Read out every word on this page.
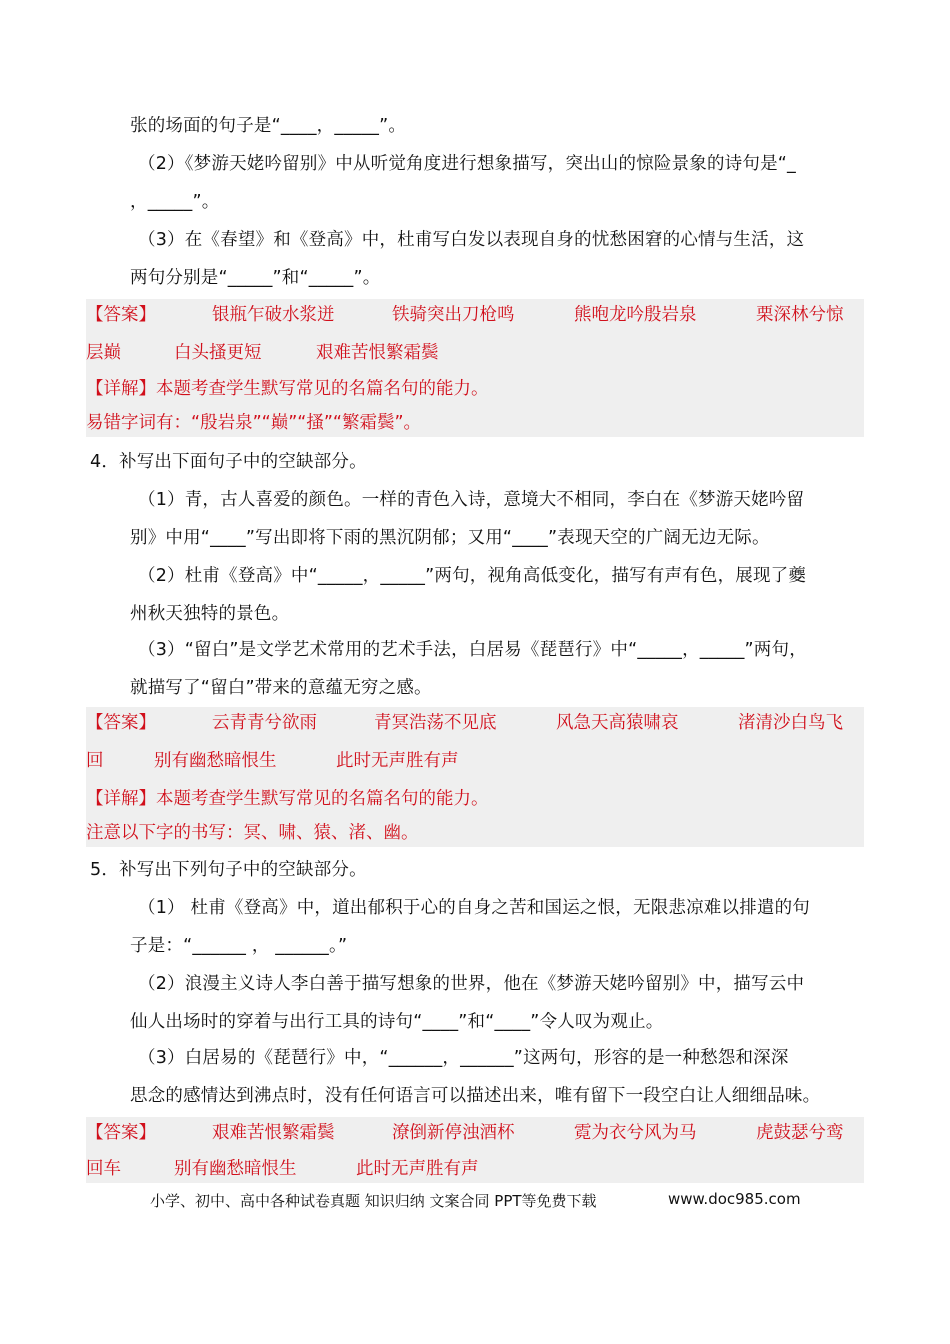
张的场面的句子是“____，_____”。
（2）《梦游天姥吟留别》中从听觉角度进行想象描写，突出山的惊险景象的诗句是“_
，_____”。
（3）在《春望》和《登高》中，杜甫写白发以表现自身的忧愁困窘的心情与生活，这
两句分别是“_____”和“_____”。
【答案】	银瓶乍破水浆迸	铁骑突出刀枪鸣	熊咆龙吟殷岩泉	栗深林兮惊
层巅	白头搔更短	艰难苦恨繁霜鬓
【详解】本题考查学生默写常见的名篇名句的能力。
易错字词有：“殷岩泉”“巅”“搔”“繁霜鬓”。
4．补写出下面句子中的空缺部分。
（1）青，古人喜爱的颜色。一样的青色入诗，意境大不相同，李白在《梦游天姥吟留
别》中用“____”写出即将下雨的黑沉阴郁；又用“____”表现天空的广阔无边无际。
（2）杜甫《登高》中“_____，_____”两句，视角高低变化，描写有声有色，展现了夔
州秋天独特的景色。
（3）“留白”是文学艺术常用的艺术手法，白居易《琵琶行》中“_____，_____”两句，
就描写了“留白”带来的意蕴无穷之感。
【答案】	云青青兮欲雨	青冥浩荡不见底	风急天高猿啸哀	渚清沙白鸟飞
回	别有幽愁暗恨生	此时无声胜有声
【详解】本题考查学生默写常见的名篇名句的能力。
注意以下字的书写：冥、啸、猿、渚、幽。
5．补写出下列句子中的空缺部分。
（1） 杜甫《登高》中，道出郁积于心的自身之苦和国运之恨，无限悲凉难以排遣的句
子是：“______ ， ______。”
（2）浪漫主义诗人李白善于描写想象的世界，他在《梦游天姥吟留别》中，描写云中
仙人出场时的穿着与出行工具的诗句“____”和“____”令人叹为观止。
（3）白居易的《琵琶行》中，“______，______”这两句，形容的是一种愁怨和深深
思念的感情达到沸点时，没有任何语言可以描述出来，唯有留下一段空白让人细细品味。
【答案】	艰难苦恨繁霜鬓	潦倒新停浊酒杯	霓为衣兮风为马	虎鼓瑟兮鸾
回车	别有幽愁暗恨生	此时无声胜有声
小学、初中、高中各种试卷真题 知识归纳 文案合同 PPT等免费下载	www.doc985.com
